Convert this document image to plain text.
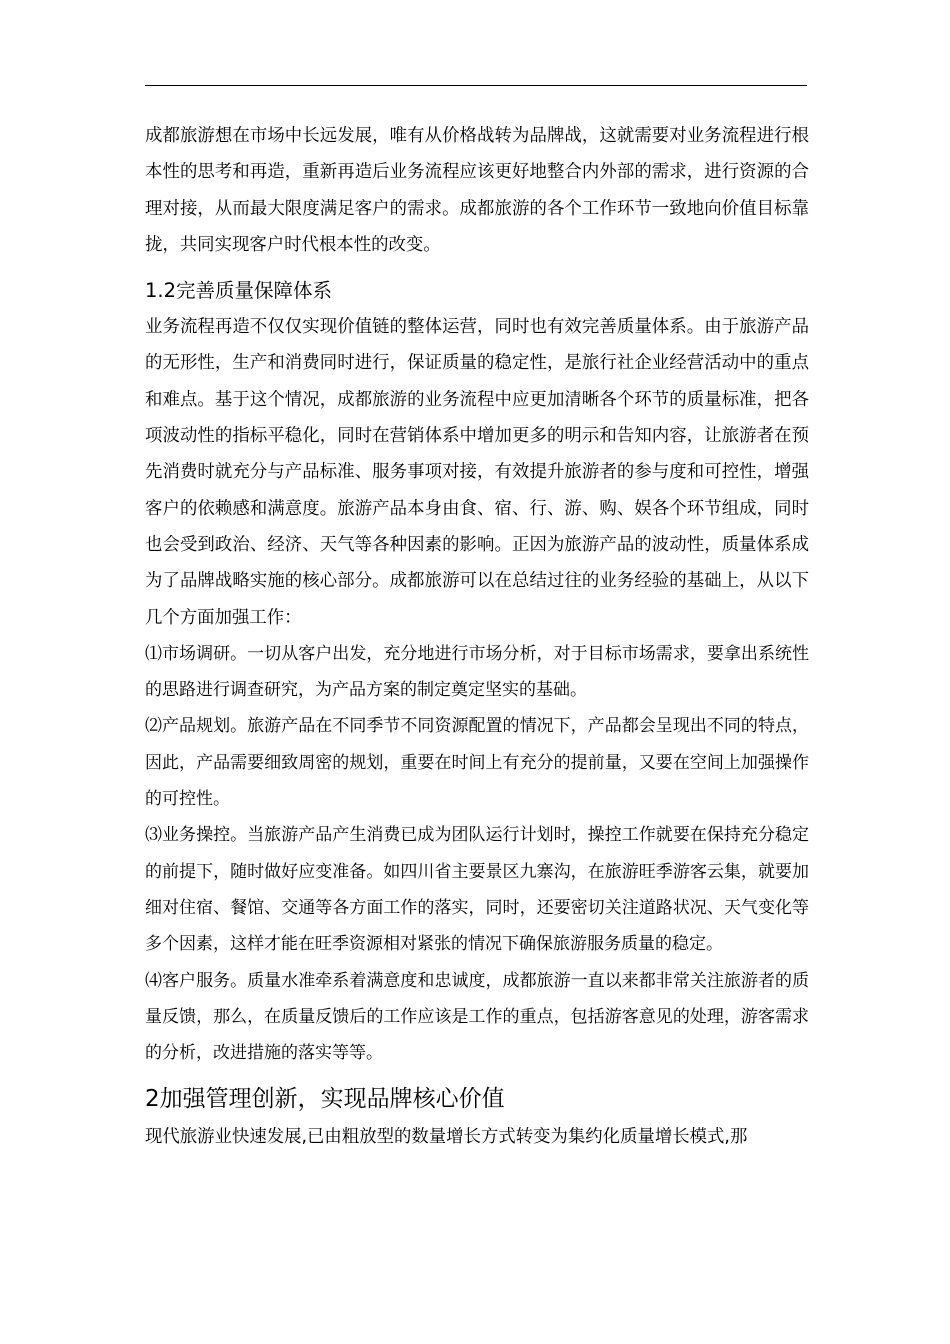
成都旅游想在市场中长远发展，唯有从价格战转为品牌战，这就需要对业务流程进行根本性的思考和再造，重新再造后业务流程应该更好地整合内外部的需求，进行资源的合理对接，从而最大限度满足客户的需求。成都旅游的各个工作环节一致地向价值目标靠拢，共同实现客户时代根本性的改变。

1.2完善质量保障体系

业务流程再造不仅仅实现价值链的整体运营，同时也有效完善质量体系。由于旅游产品的无形性，生产和消费同时进行，保证质量的稳定性，是旅行社企业经营活动中的重点和难点。基于这个情况，成都旅游的业务流程中应更加清晰各个环节的质量标准，把各项波动性的指标平稳化，同时在营销体系中增加更多的明示和告知内容，让旅游者在预先消费时就充分与产品标准、服务事项对接，有效提升旅游者的参与度和可控性，增强客户的依赖感和满意度。旅游产品本身由食、宿、行、游、购、娱各个环节组成，同时也会受到政治、经济、天气等各种因素的影响。正因为旅游产品的波动性，质量体系成为了品牌战略实施的核心部分。成都旅游可以在总结过往的业务经验的基础上，从以下几个方面加强工作：

⑴市场调研。一切从客户出发，充分地进行市场分析，对于目标市场需求，要拿出系统性的思路进行调查研究，为产品方案的制定奠定坚实的基础。

⑵产品规划。旅游产品在不同季节不同资源配置的情况下，产品都会呈现出不同的特点，因此，产品需要细致周密的规划，重要在时间上有充分的提前量，又要在空间上加强操作的可控性。

⑶业务操控。当旅游产品产生消费已成为团队运行计划时，操控工作就要在保持充分稳定的前提下，随时做好应变准备。如四川省主要景区九寨沟，在旅游旺季游客云集，就要加细对住宿、餐馆、交通等各方面工作的落实，同时，还要密切关注道路状况、天气变化等多个因素，这样才能在旺季资源相对紧张的情况下确保旅游服务质量的稳定。

⑷客户服务。质量水准牵系着满意度和忠诚度，成都旅游一直以来都非常关注旅游者的质量反馈，那么，在质量反馈后的工作应该是工作的重点，包括游客意见的处理，游客需求的分析，改进措施的落实等等。

2加强管理创新，实现品牌核心价值

现代旅游业快速发展,已由粗放型的数量增长方式转变为集约化质量增长模式,那
